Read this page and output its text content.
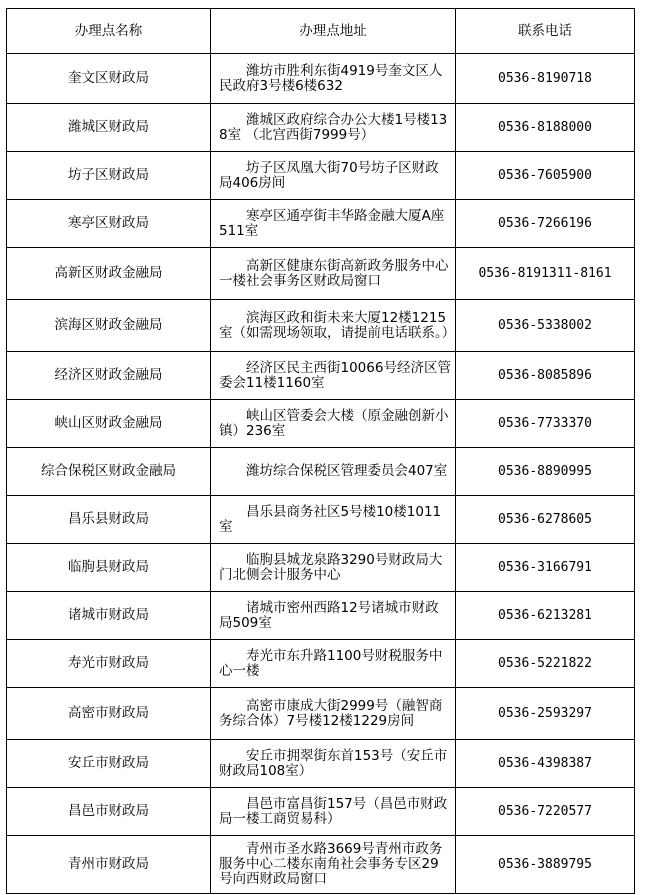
办理点名称	办理点地址	联系电话
奎文区财政局	潍坊市胜利东街4919号奎文区人民政府3号楼6楼632	0536-8190718
潍城区财政局	潍城区政府综合办公大楼1号楼138室 （北宫西街7999号）	0536-8188000
坊子区财政局	坊子区凤凰大街70号坊子区财政局406房间	0536-7605900
寒亭区财政局	寒亭区通亭街丰华路金融大厦A座511室	0536-7266196
高新区财政金融局	高新区健康东街高新政务服务中心一楼社会事务区财政局窗口	0536-8191311-8161
滨海区财政金融局	滨海区政和街未来大厦12楼1215室（如需现场领取，请提前电话联系。）	0536-5338002
经济区财政金融局	经济区民主西街10066号经济区管委会11楼1160室	0536-8085896
峡山区财政金融局	峡山区管委会大楼（原金融创新小镇）236室	0536-7733370
综合保税区财政金融局	潍坊综合保税区管理委员会407室	0536-8890995
昌乐县财政局	昌乐县商务社区5号楼10楼1011室	0536-6278605
临朐县财政局	临朐县城龙泉路3290号财政局大门北侧会计服务中心	0536-3166791
诸城市财政局	诸城市密州西路12号诸城市财政局509室	0536-6213281
寿光市财政局	寿光市东升路1100号财税服务中心一楼	0536-5221822
高密市财政局	高密市康成大街2999号（融智商务综合体）7号楼12楼1229房间	0536-2593297
安丘市财政局	安丘市拥翠街东首153号（安丘市财政局108室）	0536-4398387
昌邑市财政局	昌邑市富昌街157号（昌邑市财政局一楼工商贸易科）	0536-7220577
青州市财政局	青州市圣水路3669号青州市政务服务中心二楼东南角社会事务专区29号向西财政局窗口	0536-3889795
